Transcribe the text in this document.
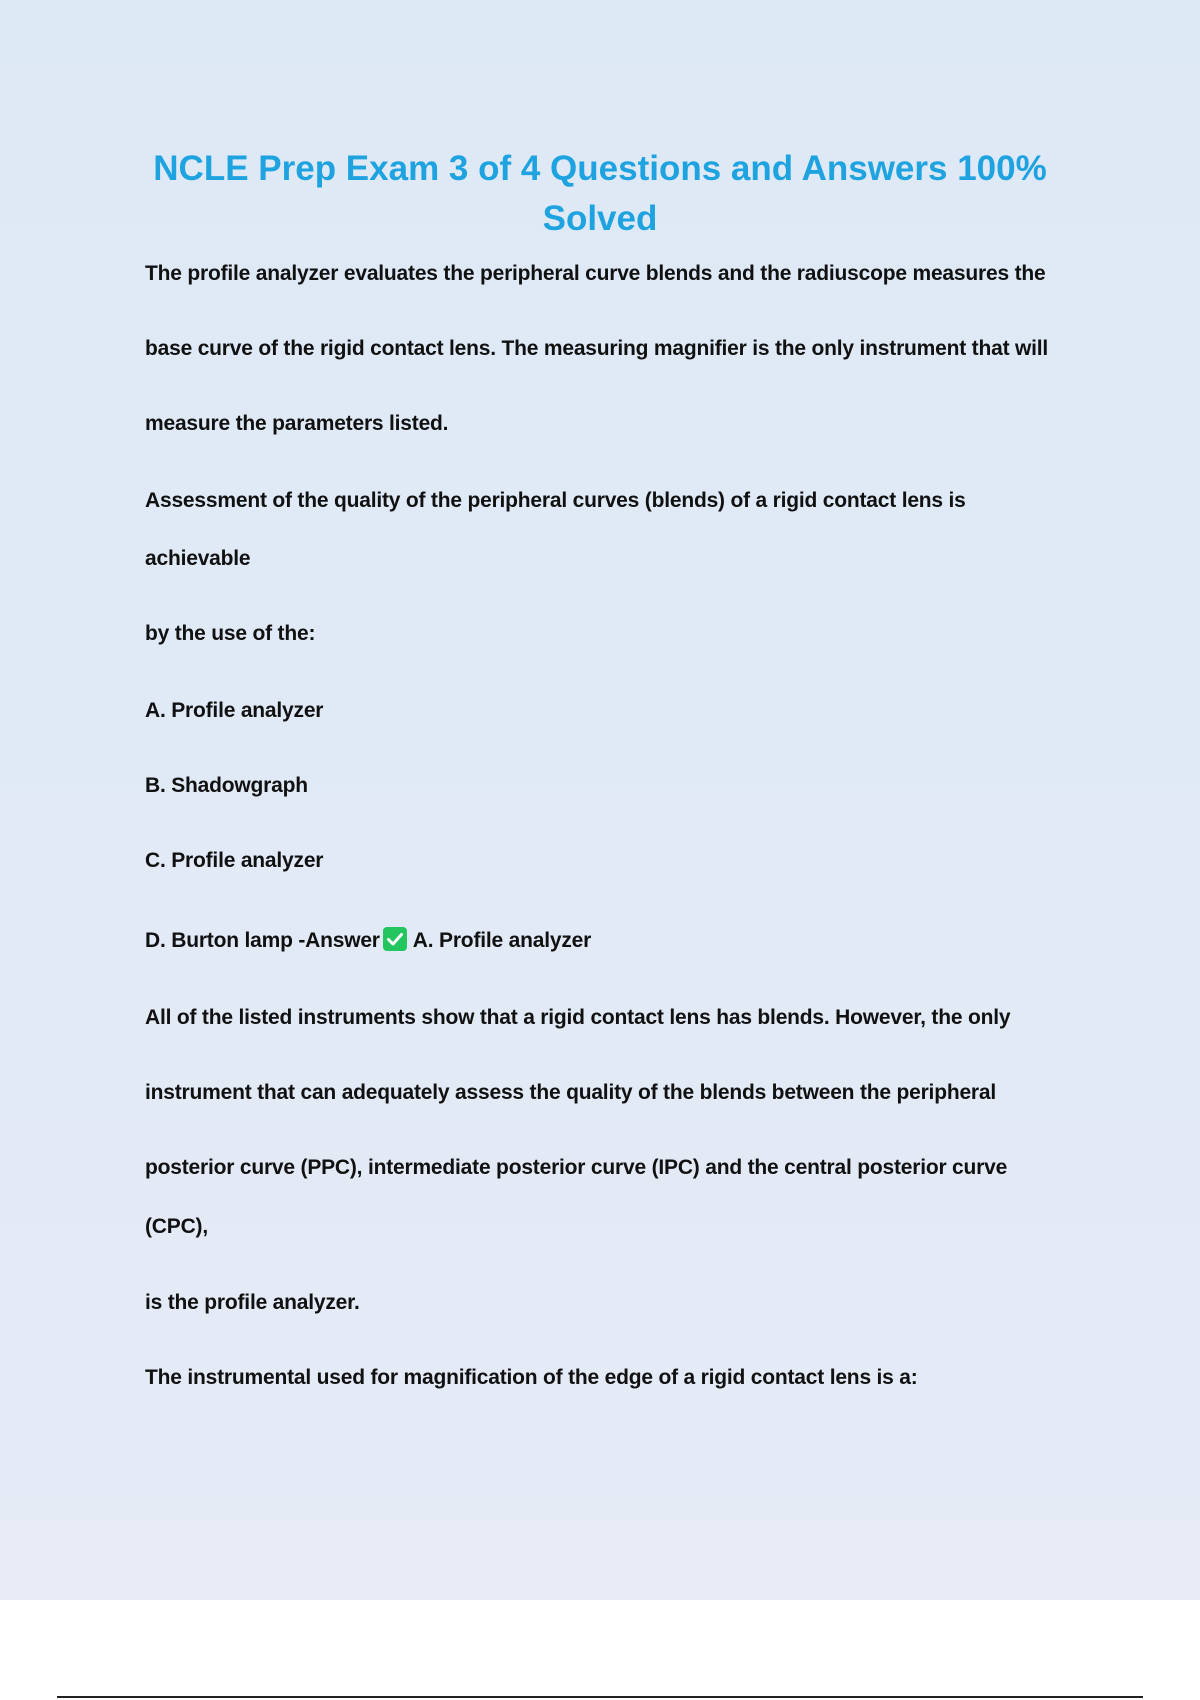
NCLE Prep Exam 3 of 4 Questions and Answers 100% Solved

The profile analyzer evaluates the peripheral curve blends and the radiuscope measures the

base curve of the rigid contact lens. The measuring magnifier is the only instrument that will

measure the parameters listed.

Assessment of the quality of the peripheral curves (blends) of a rigid contact lens is

achievable

by the use of the:

A. Profile analyzer

B. Shadowgraph

C. Profile analyzer

D. Burton lamp -Answer A. Profile analyzer

All of the listed instruments show that a rigid contact lens has blends. However, the only

instrument that can adequately assess the quality of the blends between the peripheral

posterior curve (PPC), intermediate posterior curve (IPC) and the central posterior curve

(CPC),

is the profile analyzer.

The instrumental used for magnification of the edge of a rigid contact lens is a:
